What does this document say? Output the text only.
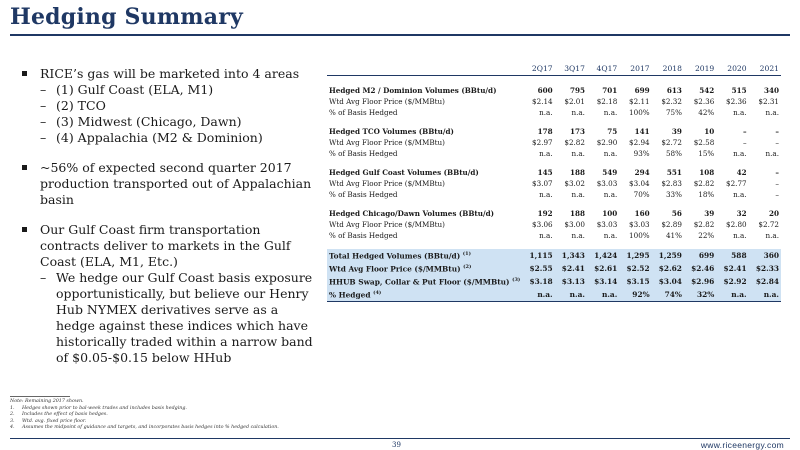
Hedging Summary
RICE’s gas will be marketed into 4 areas
– (1) Gulf Coast (ELA, M1)
– (2) TCO
– (3) Midwest (Chicago, Dawn)
– (4) Appalachia (M2 & Dominion)
~56% of expected second quarter 2017 production transported out of Appalachian basin
Our Gulf Coast firm transportation contracts deliver to markets in the Gulf Coast (ELA, M1, Etc.)
– We hedge our Gulf Coast basis exposure opportunistically, but believe our Henry Hub NYMEX derivatives serve as a hedge against these indices which have historically traded within a narrow band of $0.05-$0.15 below HHub
	2Q17	3Q17	4Q17	2017	2018	2019	2020	2021

Hedged M2 / Dominion Volumes (BBtu/d)	600	795	701	699	613	542	515	340
Wtd Avg Floor Price ($/MMBtu)	$2.14	$2.01	$2.18	$2.11	$2.32	$2.36	$2.36	$2.31
% of Basis Hedged	n.a.	n.a.	n.a.	100%	75%	42%	n.a.	n.a.

Hedged TCO Volumes (BBtu/d)	178	173	75	141	39	10	–	–
Wtd Avg Floor Price ($/MMBtu)	$2.97	$2.82	$2.90	$2.94	$2.72	$2.58	–	–
% of Basis Hedged	n.a.	n.a.	n.a.	93%	58%	15%	n.a.	n.a.

Hedged Gulf Coast Volumes (BBtu/d)	145	188	549	294	551	108	42	–
Wtd Avg Floor Price ($/MMBtu)	$3.07	$3.02	$3.03	$3.04	$2.83	$2.82	$2.77	–
% of Basis Hedged	n.a.	n.a.	n.a.	70%	33%	18%	n.a.	–

Hedged Chicago/Dawn Volumes (BBtu/d)	192	188	100	160	56	39	32	20
Wtd Avg Floor Price ($/MMBtu)	$3.06	$3.00	$3.03	$3.03	$2.89	$2.82	$2.80	$2.72
% of Basis Hedged	n.a.	n.a.	n.a.	100%	41%	22%	n.a.	n.a.

Total Hedged Volumes (BBtu/d) $^{(1)}$	1,115	1,343	1,424	1,295	1,259	699	588	360
Wtd Avg Floor Price ($/MMBtu) $^{(2)}$	$2.55	$2.41	$2.61	$2.52	$2.62	$2.46	$2.41	$2.33
HHUB Swap, Collar & Put Floor ($/MMBtu) $^{(3)}$	$3.18	$3.13	$3.14	$3.15	$3.04	$2.96	$2.92	$2.84
% Hedged $^{(4)}$	n.a.	n.a.	n.a.	92%	74%	32%	n.a.	n.a.
Note: Remaining 2017 shown.
1. Hedges shown prior to bal-week trades and includes basis hedging.
2. Includes the effect of basis hedges.
3. Wtd. avg. fixed price floor.
4. Assumes the midpoint of guidance and targets, and incorporates basis hedges into % hedged calculation.
39	www.riceenergy.com
